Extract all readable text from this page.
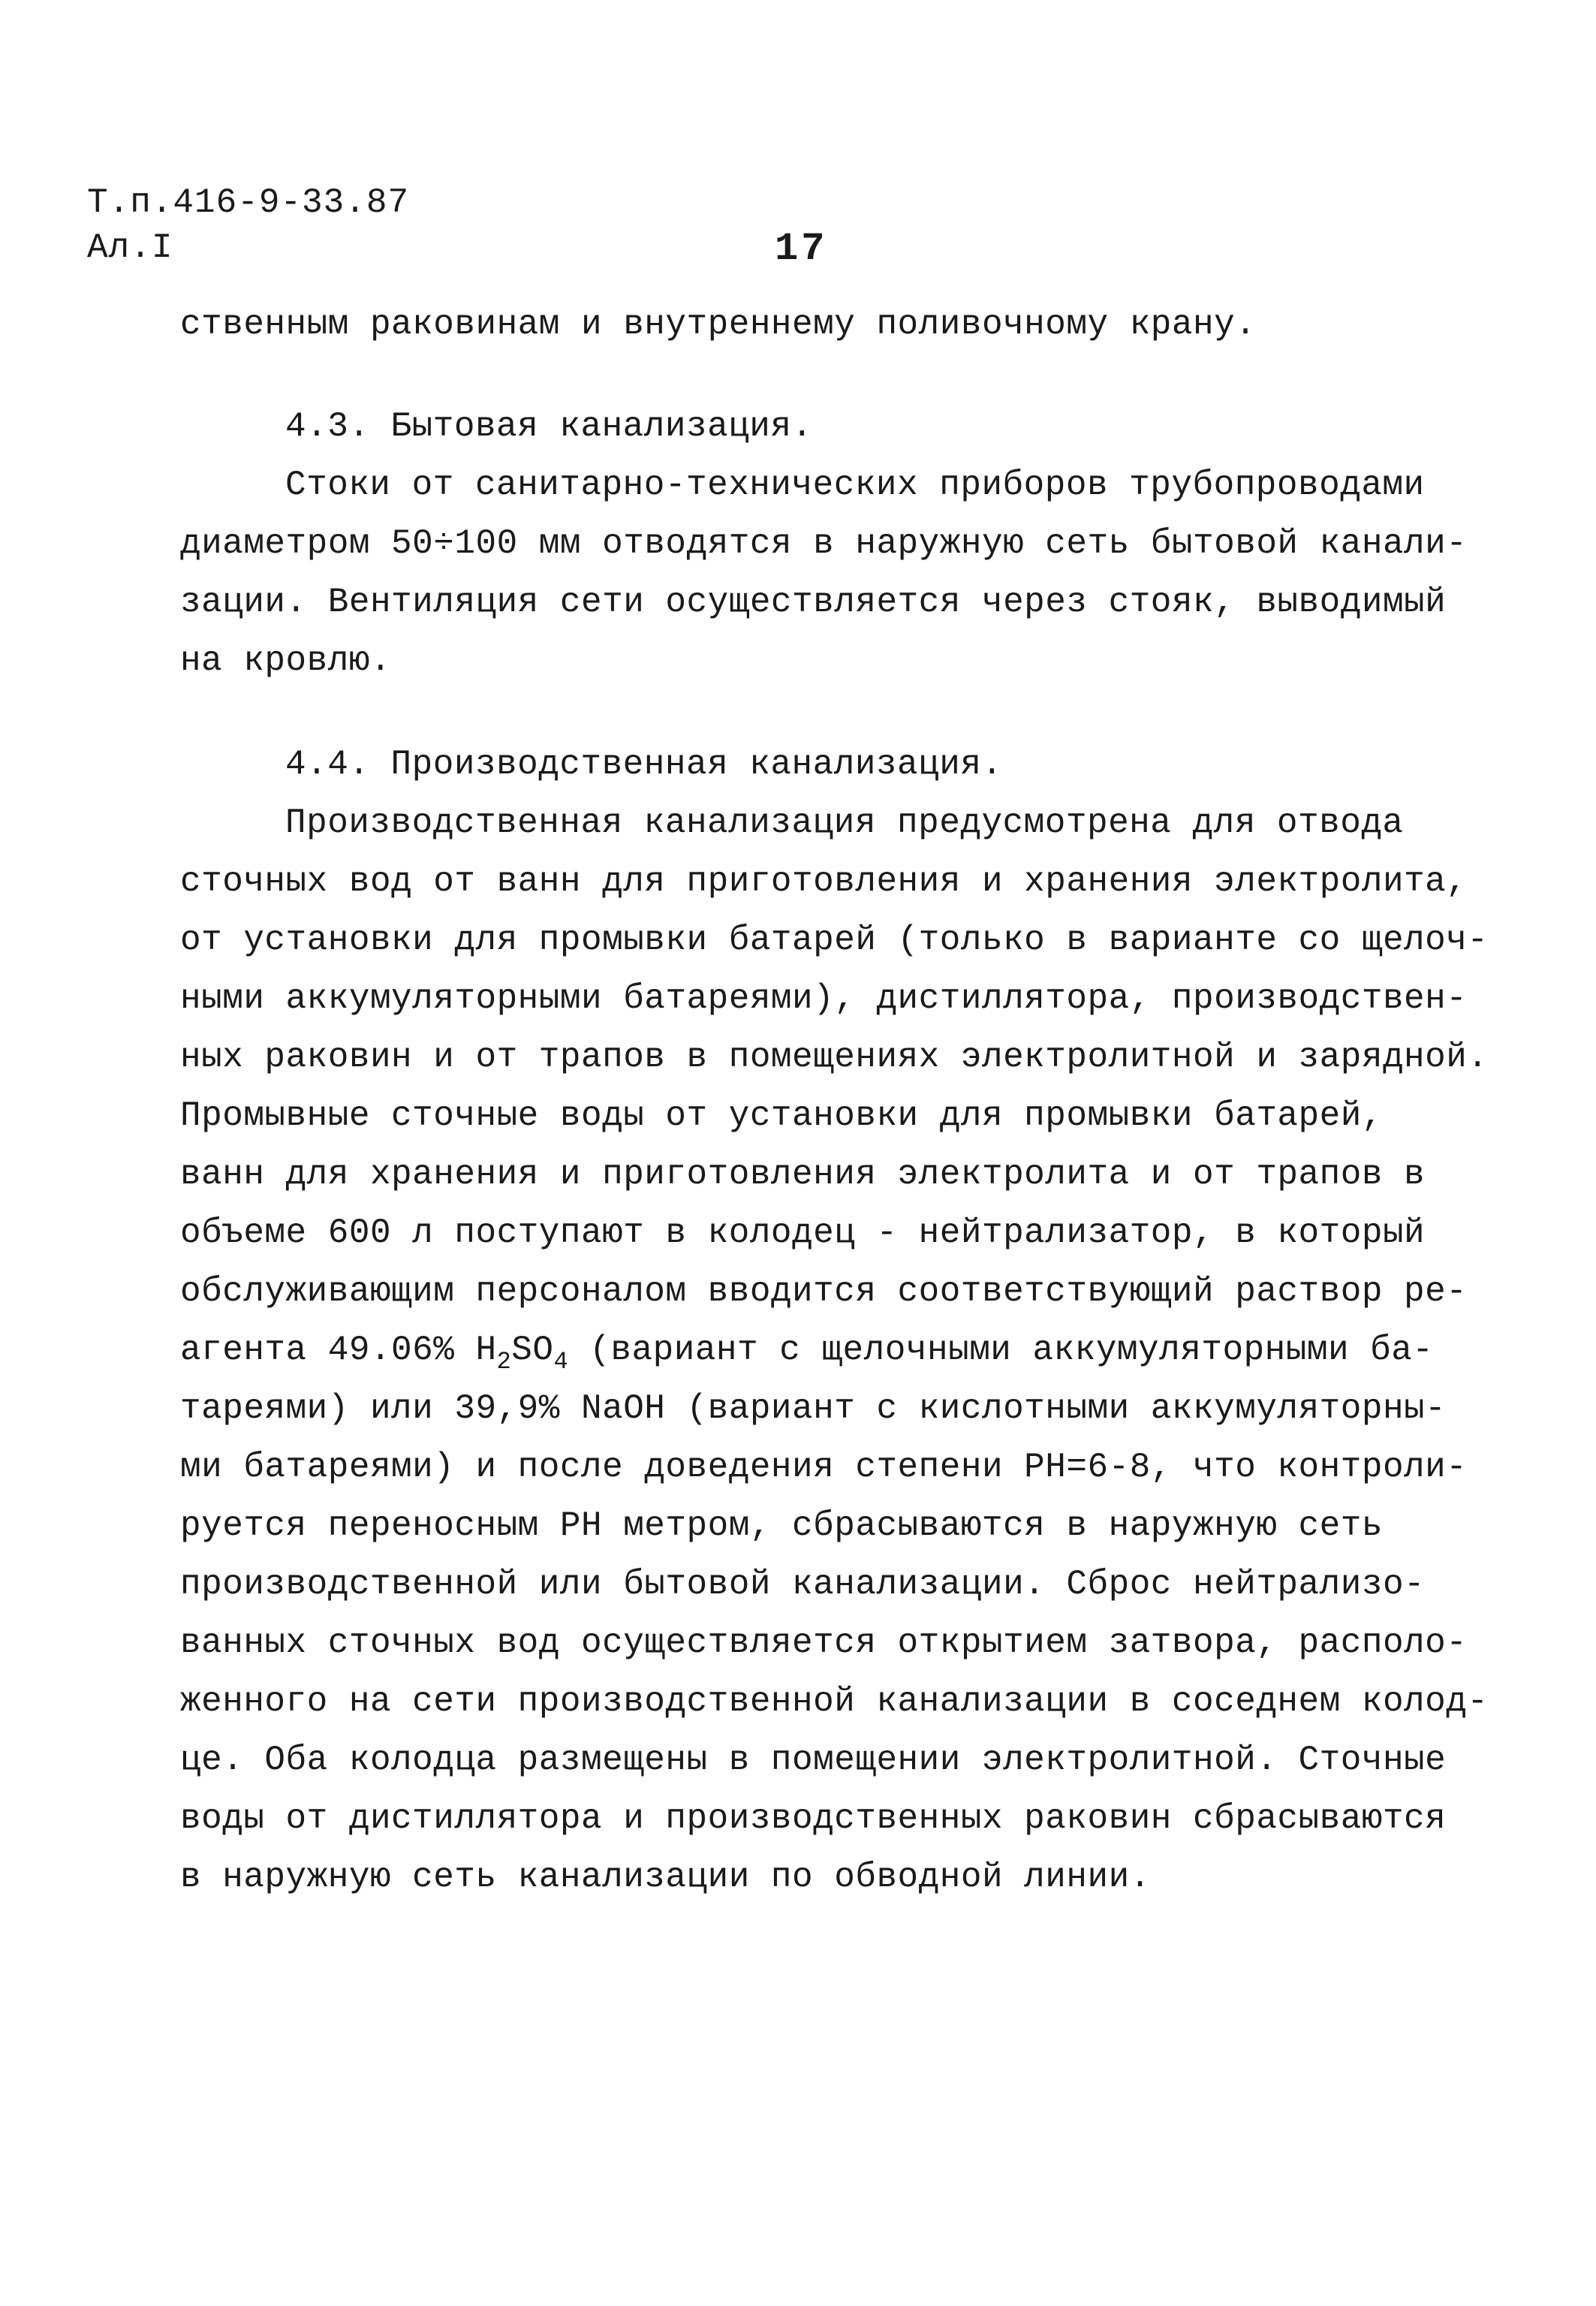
Т.п.416-9-33.87
Ал.I	17
ственным раковинам и внутреннему поливочному крану.
4.3. Бытовая канализация.
Стоки от санитарно-технических приборов трубопроводами
диаметром 50÷100 мм отводятся в наружную сеть бытовой канали-
зации. Вентиляция сети осуществляется через стояк, выводимый
на кровлю.
4.4. Производственная канализация.
Производственная канализация предусмотрена для отвода
сточных вод от ванн для приготовления и хранения электролита,
от установки для промывки батарей (только в варианте со щелоч-
ными аккумуляторными батареями), дистиллятора, производствен-
ных раковин и от трапов в помещениях электролитной и зарядной.
Промывные сточные воды от установки для промывки батарей,
ванн для хранения и приготовления электролита и от трапов в
объеме 600 л поступают в колодец - нейтрализатор, в который
обслуживающим персоналом вводится соответствующий раствор ре-
агента 49.06% $H_2SO_4$ (вариант с щелочными аккумуляторными ба-
тареями) или 39,9% NaOH (вариант с кислотными аккумуляторны-
ми батареями) и после доведения степени PH=6-8, что контроли-
руется переносным PH метром, сбрасываются в наружную сеть
производственной или бытовой канализации. Сброс нейтрализо-
ванных сточных вод осуществляется открытием затвора, располо-
женного на сети производственной канализации в соседнем колод-
це. Оба колодца размещены в помещении электролитной. Сточные
воды от дистиллятора и производственных раковин сбрасываются
в наружную сеть канализации по обводной линии.
